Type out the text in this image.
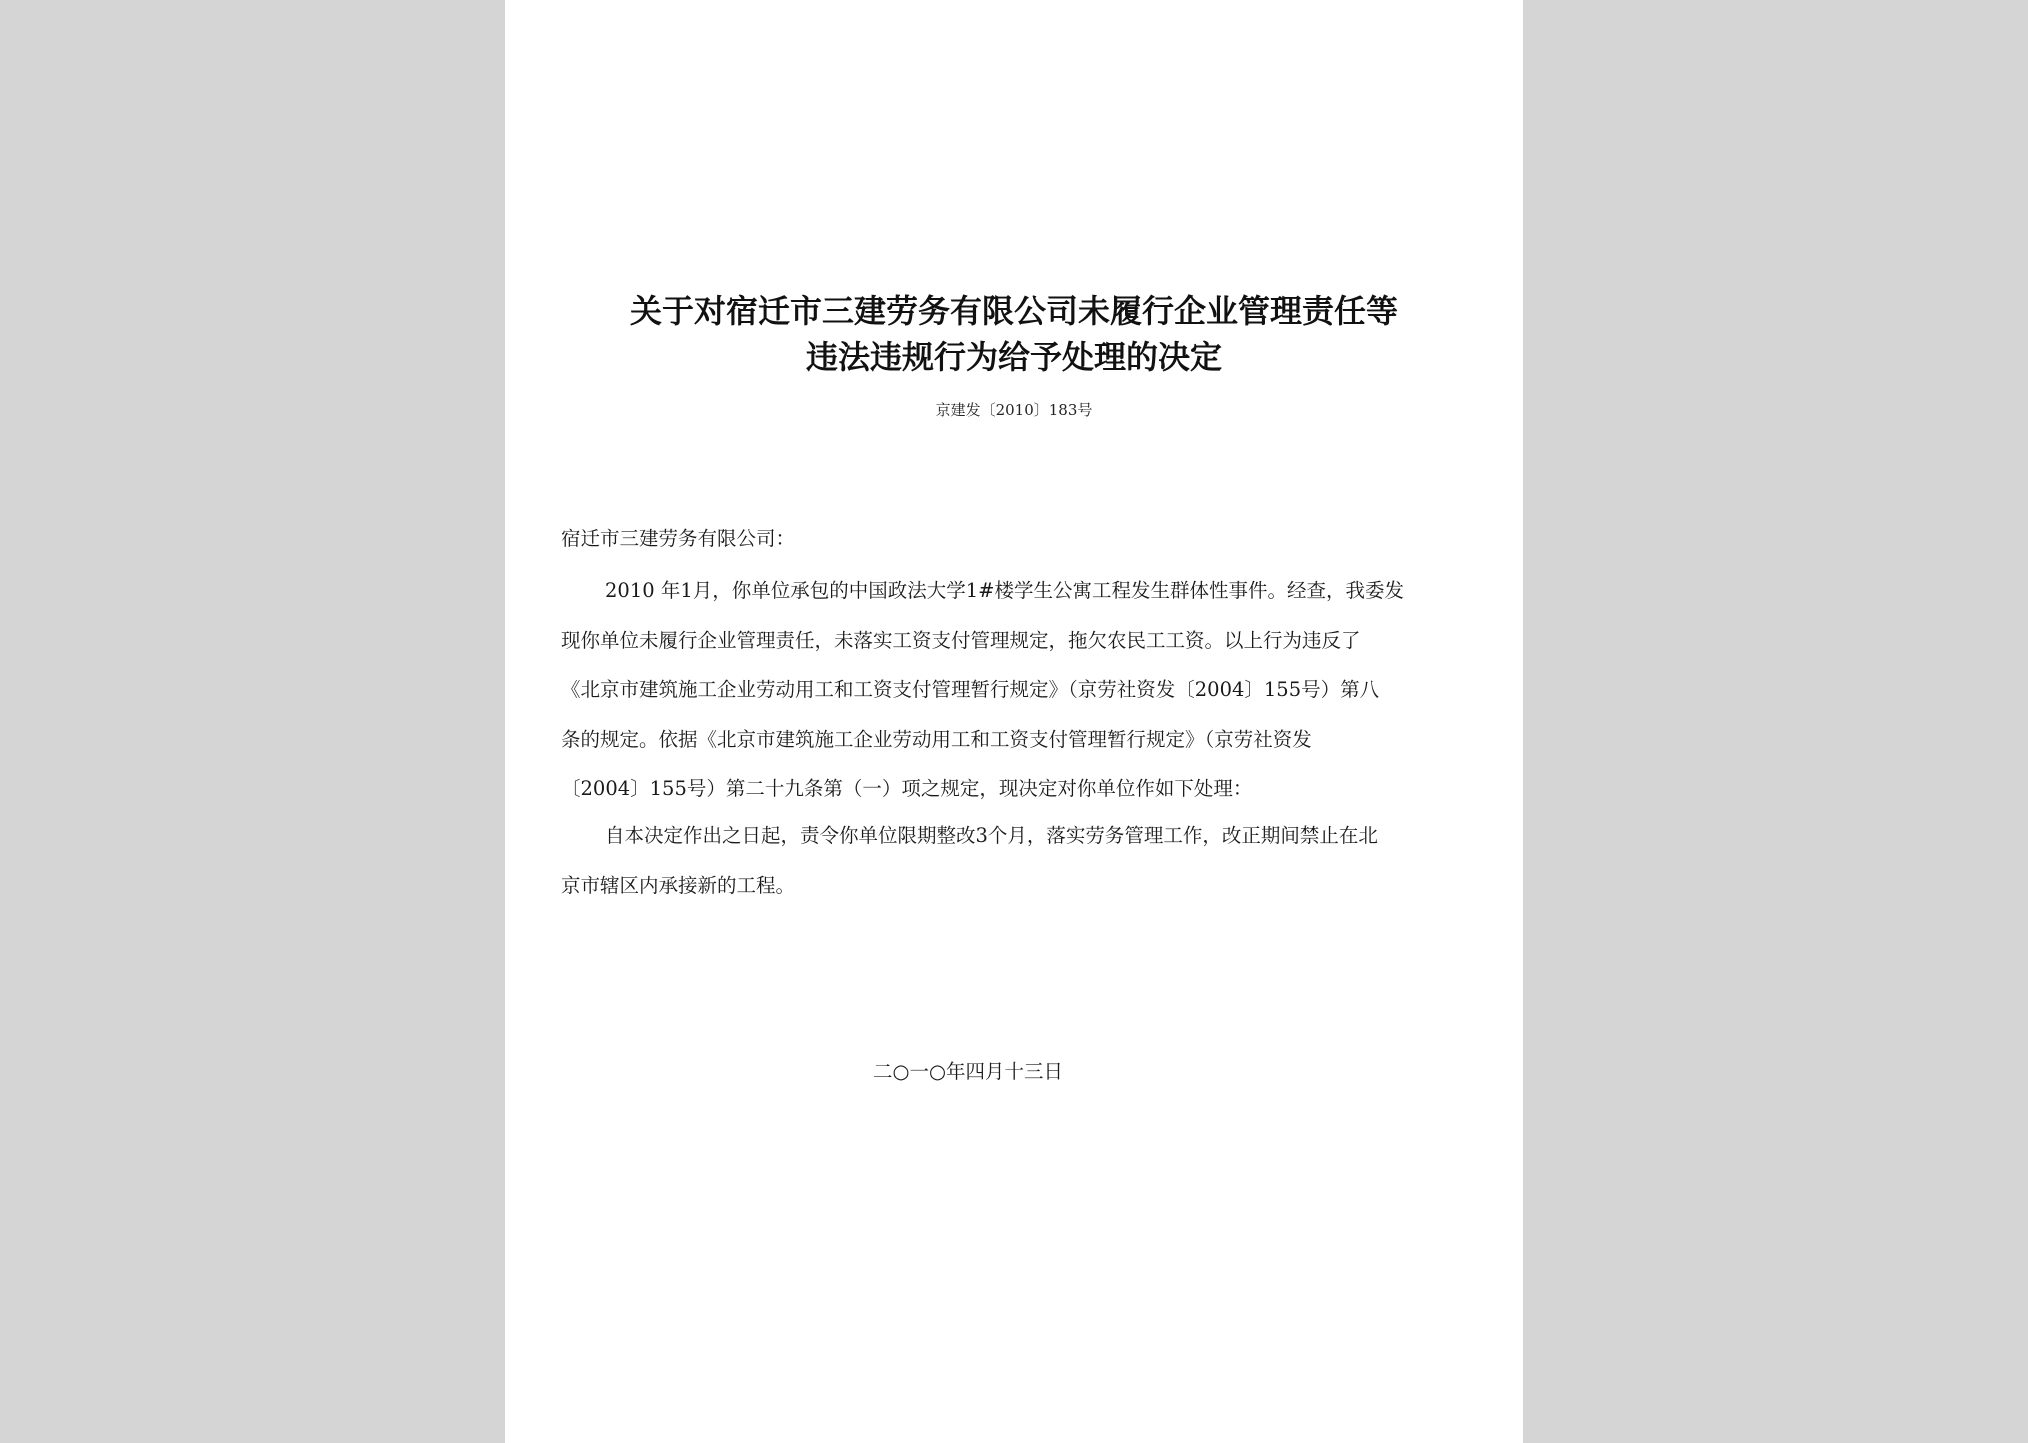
关于对宿迁市三建劳务有限公司未履行企业管理责任等
违法违规行为给予处理的决定
京建发〔2010〕183号
宿迁市三建劳务有限公司：
2010 年1月，你单位承包的中国政法大学1#楼学生公寓工程发生群体性事件。经查，我委发
现你单位未履行企业管理责任，未落实工资支付管理规定，拖欠农民工工资。以上行为违反了
《北京市建筑施工企业劳动用工和工资支付管理暂行规定》（京劳社资发〔2004〕155号）第八
条的规定。依据《北京市建筑施工企业劳动用工和工资支付管理暂行规定》（京劳社资发
〔2004〕155号）第二十九条第（一）项之规定，现决定对你单位作如下处理：
自本决定作出之日起，责令你单位限期整改3个月，落实劳务管理工作，改正期间禁止在北
京市辖区内承接新的工程。
二○一○年四月十三日
